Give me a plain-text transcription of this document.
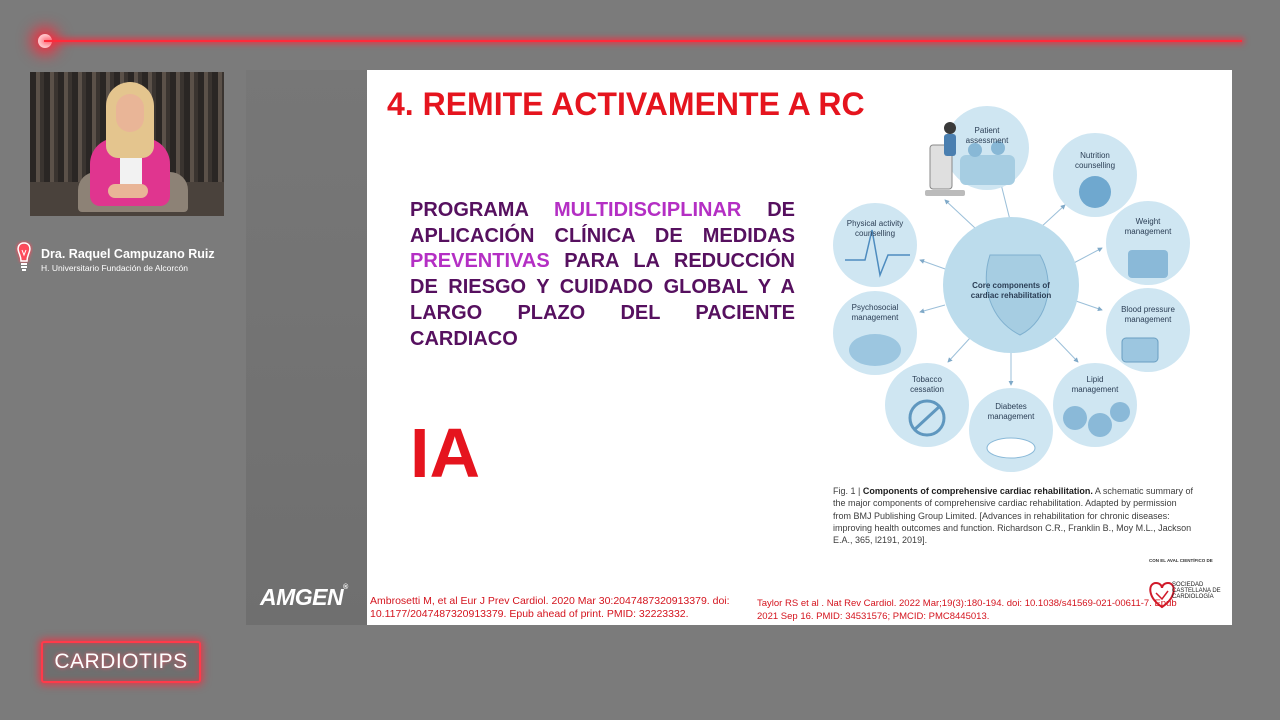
Dra. Raquel Campuzano Ruiz
H. Universitario Fundación de Alcorcón
AMGEN®
4. REMITE ACTIVAMENTE A RC
PROGRAMA MULTIDISCIPLINAR DE APLICACIÓN CLÍNICA DE MEDIDAS PREVENTIVAS PARA LA REDUCCIÓN DE RIESGO Y CUIDADO GLOBAL Y A LARGO PLAZO DEL PACIENTE CARDIACO
IA
Patient
assessment
Nutrition
counselling
Weight
management
Blood pressure
management
Lipid
management
Diabetes
management
Tobacco
cessation
Psychosocial
management
Physical activity
counselling
Core components of
cardiac rehabilitation
Fig. 1 | Components of comprehensive cardiac rehabilitation. A schematic summary of the major components of comprehensive cardiac rehabilitation. Adapted by permission from BMJ Publishing Group Limited. [Advances in rehabilitation for chronic diseases: improving health outcomes and function. Richardson C.R., Franklin B., Moy M.L., Jackson E.A., 365, l2191, 2019].
CON EL AVAL CIENTÍFICO DE
SOCIEDAD CASTELLANA DE CARDIOLOGÍA
Taylor RS et al . Nat Rev Cardiol. 2022 Mar;19(3):180-194. doi: 10.1038/s41569-021-00611-7. Epub 2021 Sep 16. PMID: 34531576; PMCID: PMC8445013.
Ambrosetti M, et al Eur J Prev Cardiol. 2020 Mar 30:2047487320913379. doi: 10.1177/2047487320913379. Epub ahead of print. PMID: 32223332.
CARDIOTIPS
